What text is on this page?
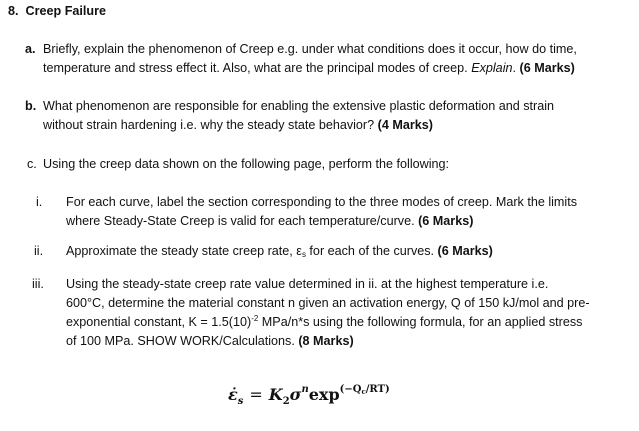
8. Creep Failure
a. Briefly, explain the phenomenon of Creep e.g. under what conditions does it occur, how do time,
temperature and stress effect it. Also, what are the principal modes of creep. Explain. (6 Marks)
b. What phenomenon are responsible for enabling the extensive plastic deformation and strain
without strain hardening i.e. why the steady state behavior? (4 Marks)
c. Using the creep data shown on the following page, perform the following:
i. For each curve, label the section corresponding to the three modes of creep. Mark the limits
where Steady-State Creep is valid for each temperature/curve. (6 Marks)
ii. Approximate the steady state creep rate, $\varepsilon_s$ for each of the curves. (6 Marks)
iii. Using the steady-state creep rate value determined in ii. at the highest temperature i.e.
600°C, determine the material constant n given an activation energy, Q of 150 kJ/mol and pre-
exponential constant, $K = 1.5(10)^{-2}$ MPa/n*s using the following formula, for an applied stress
of 100 MPa. SHOW WORK/Calculations. (8 Marks)
$\varepsiloṅ_s = K_2\sigma^n\exp^{(-Q_c/RT)}$
